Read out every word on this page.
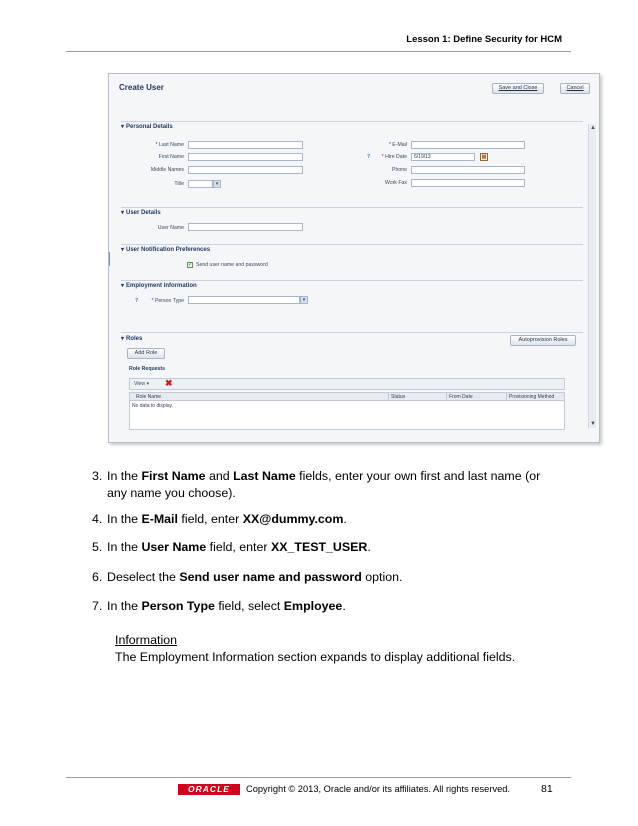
Lesson 1: Define Security for HCM
Create User	Save and Close	Cancel
▾ Personal Details
* Last Name
First Name
Middle Names
Title	▾
* E-Mail
?	* Hire Date	6/19/13	▦
Phone
Work Fax
▾ User Details
User Name
▾ User Notification Preferences
✓ Send user name and password
▾ Employment Information
?	* Person Type	▾
▾ Roles	Autoprovision Roles
Add Role
Role Requests
View ▾ ✖
Role Name	Status	From Date	Provisioning Method
No data to display.
▲
▼
3. In the First Name and Last Name fields, enter your own first and last name (or
any name you choose).
4. In the E-Mail field, enter XX@dummy.com.
5. In the User Name field, enter XX_TEST_USER.
6. Deselect the Send user name and password option.
7. In the Person Type field, select Employee.
Information
The Employment Information section expands to display additional fields.
ORACLE	Copyright © 2013, Oracle and/or its affiliates. All rights reserved.	81
